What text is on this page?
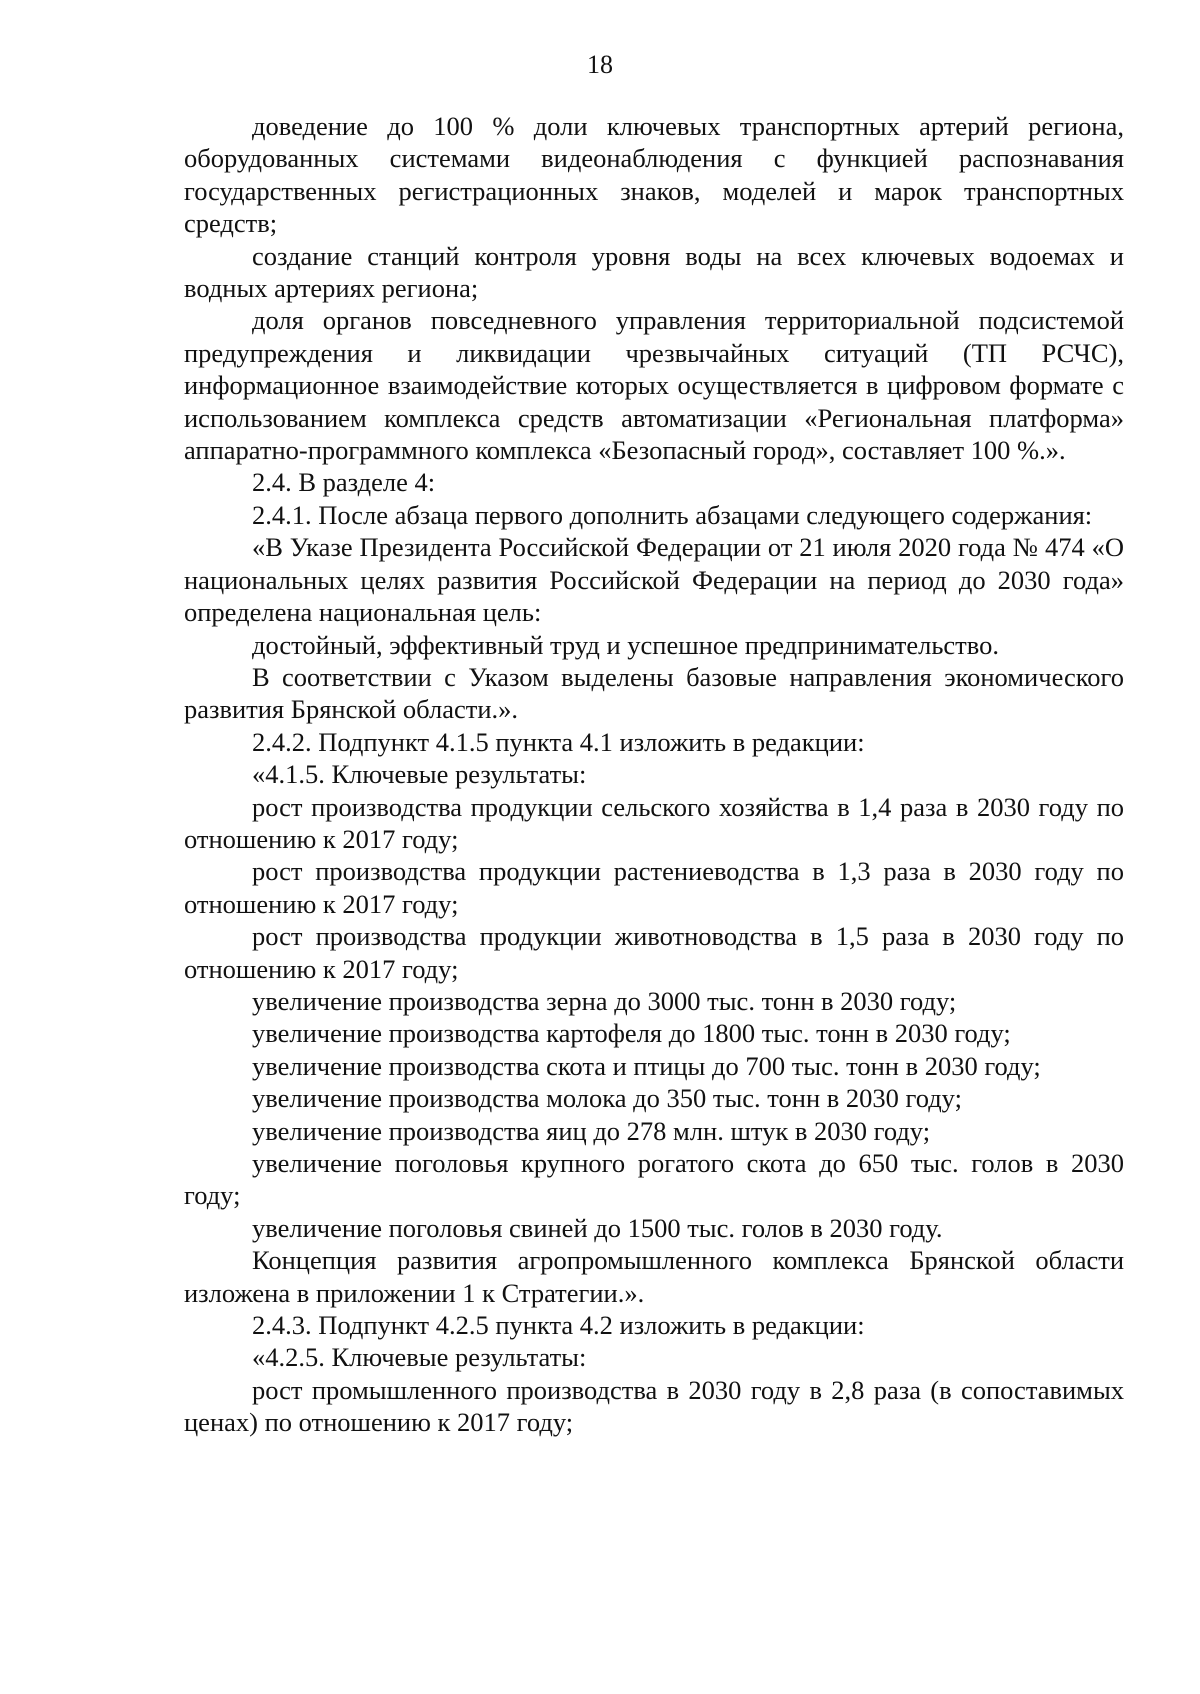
18

доведение до 100 % доли ключевых транспортных артерий региона, оборудованных системами видеонаблюдения с функцией распознавания государственных регистрационных знаков, моделей и марок транспортных средств;

создание станций контроля уровня воды на всех ключевых водоемах и водных артериях региона;

доля органов повседневного управления территориальной подсистемой предупреждения и ликвидации чрезвычайных ситуаций (ТП РСЧС), информационное взаимодействие которых осуществляется в цифровом формате с использованием комплекса средств автоматизации «Региональная платформа» аппаратно-программного комплекса «Безопасный город», составляет 100 %.».

2.4. В разделе 4:

2.4.1. После абзаца первого дополнить абзацами следующего содержания:

«В Указе Президента Российской Федерации от 21 июля 2020 года № 474 «О национальных целях развития Российской Федерации на период до 2030 года» определена национальная цель:

достойный, эффективный труд и успешное предпринимательство.

В соответствии с Указом выделены базовые направления экономического развития Брянской области.».

2.4.2. Подпункт 4.1.5 пункта 4.1 изложить в редакции:

«4.1.5. Ключевые результаты:

рост производства продукции сельского хозяйства в 1,4 раза в 2030 году по отношению к 2017 году;

рост производства продукции растениеводства в 1,3 раза в 2030 году по отношению к 2017 году;

рост производства продукции животноводства в 1,5 раза в 2030 году по отношению к 2017 году;

увеличение производства зерна до 3000 тыс. тонн в 2030 году;

увеличение производства картофеля до 1800 тыс. тонн в 2030 году;

увеличение производства скота и птицы до 700 тыс. тонн в 2030 году;

увеличение производства молока до 350 тыс. тонн в 2030 году;

увеличение производства яиц до 278 млн. штук в 2030 году;

увеличение поголовья крупного рогатого скота до 650 тыс. голов в 2030 году;

увеличение поголовья свиней до 1500 тыс. голов в 2030 году.

Концепция развития агропромышленного комплекса Брянской области изложена в приложении 1 к Стратегии.».

2.4.3. Подпункт 4.2.5 пункта 4.2 изложить в редакции:

«4.2.5. Ключевые результаты:

рост промышленного производства в 2030 году в 2,8 раза (в сопоставимых ценах) по отношению к 2017 году;
